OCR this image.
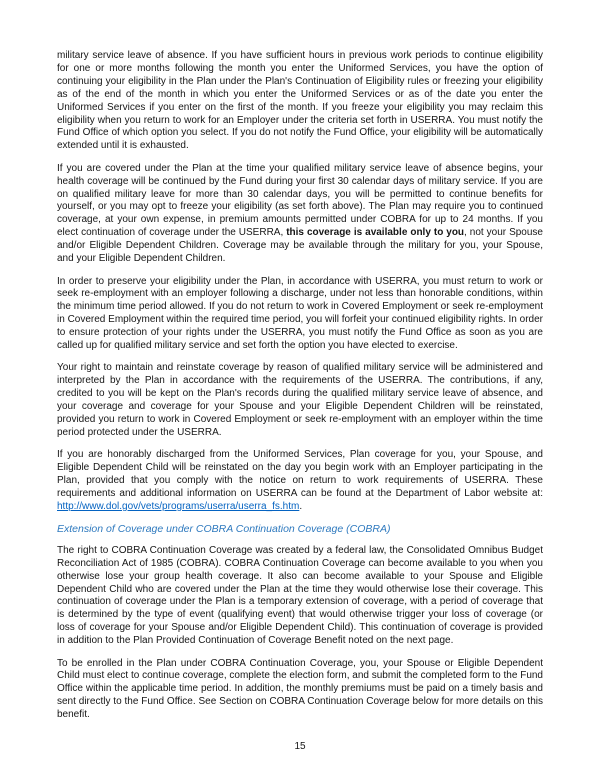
military service leave of absence. If you have sufficient hours in previous work periods to continue eligibility for one or more months following the month you enter the Uniformed Services, you have the option of continuing your eligibility in the Plan under the Plan's Continuation of Eligibility rules or freezing your eligibility as of the end of the month in which you enter the Uniformed Services or as of the date you enter the Uniformed Services if you enter on the first of the month. If you freeze your eligibility you may reclaim this eligibility when you return to work for an Employer under the criteria set forth in USERRA. You must notify the Fund Office of which option you select. If you do not notify the Fund Office, your eligibility will be automatically extended until it is exhausted.

If you are covered under the Plan at the time your qualified military service leave of absence begins, your health coverage will be continued by the Fund during your first 30 calendar days of military service. If you are on qualified military leave for more than 30 calendar days, you will be permitted to continue benefits for yourself, or you may opt to freeze your eligibility (as set forth above). The Plan may require you to continued coverage, at your own expense, in premium amounts permitted under COBRA for up to 24 months. If you elect continuation of coverage under the USERRA, this coverage is available only to you, not your Spouse and/or Eligible Dependent Children. Coverage may be available through the military for you, your Spouse, and your Eligible Dependent Children.

In order to preserve your eligibility under the Plan, in accordance with USERRA, you must return to work or seek re-employment with an employer following a discharge, under not less than honorable conditions, within the minimum time period allowed. If you do not return to work in Covered Employment or seek re-employment in Covered Employment within the required time period, you will forfeit your continued eligibility rights. In order to ensure protection of your rights under the USERRA, you must notify the Fund Office as soon as you are called up for qualified military service and set forth the option you have elected to exercise.

Your right to maintain and reinstate coverage by reason of qualified military service will be administered and interpreted by the Plan in accordance with the requirements of the USERRA. The contributions, if any, credited to you will be kept on the Plan's records during the qualified military service leave of absence, and your coverage and coverage for your Spouse and your Eligible Dependent Children will be reinstated, provided you return to work in Covered Employment or seek re-employment with an employer within the time period protected under the USERRA.

If you are honorably discharged from the Uniformed Services, Plan coverage for you, your Spouse, and Eligible Dependent Child will be reinstated on the day you begin work with an Employer participating in the Plan, provided that you comply with the notice on return to work requirements of USERRA. These requirements and additional information on USERRA can be found at the Department of Labor website at: http://www.dol.gov/vets/programs/userra/userra_fs.htm.

Extension of Coverage under COBRA Continuation Coverage (COBRA)

The right to COBRA Continuation Coverage was created by a federal law, the Consolidated Omnibus Budget Reconciliation Act of 1985 (COBRA). COBRA Continuation Coverage can become available to you when you otherwise lose your group health coverage. It also can become available to your Spouse and Eligible Dependent Child who are covered under the Plan at the time they would otherwise lose their coverage. This continuation of coverage under the Plan is a temporary extension of coverage, with a period of coverage that is determined by the type of event (qualifying event) that would otherwise trigger your loss of coverage (or loss of coverage for your Spouse and/or Eligible Dependent Child). This continuation of coverage is provided in addition to the Plan Provided Continuation of Coverage Benefit noted on the next page.

To be enrolled in the Plan under COBRA Continuation Coverage, you, your Spouse or Eligible Dependent Child must elect to continue coverage, complete the election form, and submit the completed form to the Fund Office within the applicable time period. In addition, the monthly premiums must be paid on a timely basis and sent directly to the Fund Office. See Section on COBRA Continuation Coverage below for more details on this benefit.

15
